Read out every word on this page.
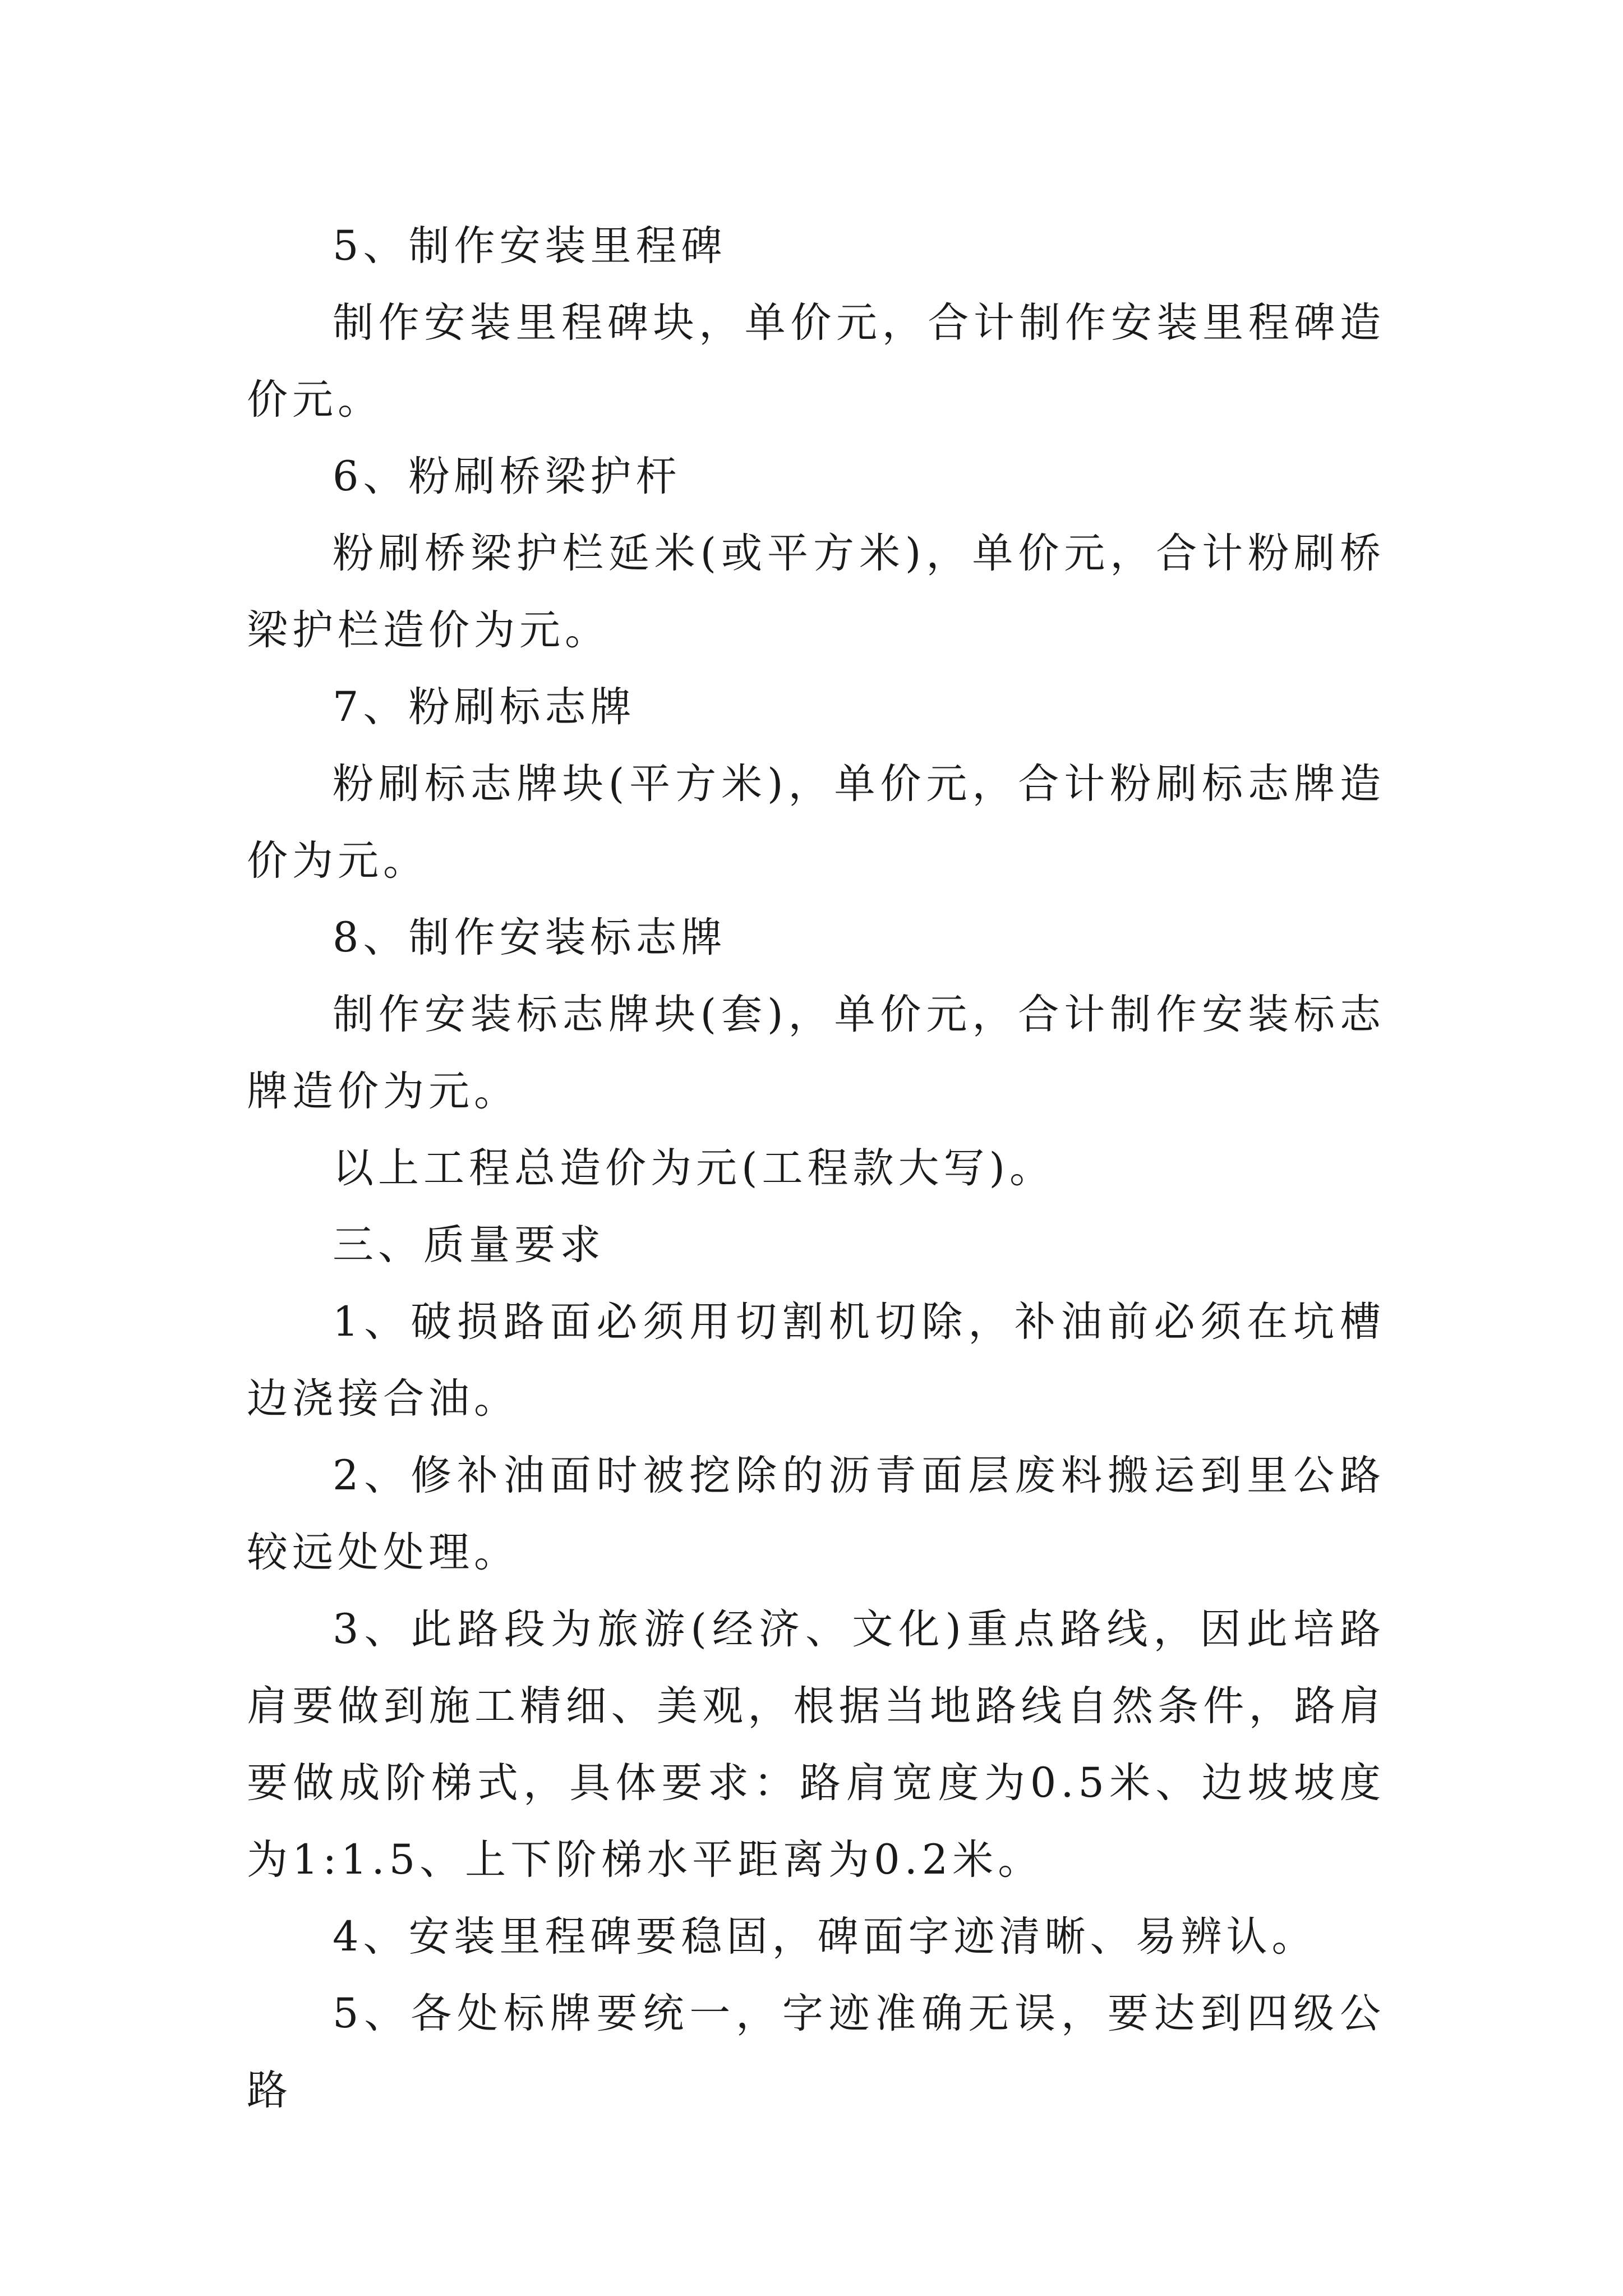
5、制作安装里程碑

制作安装里程碑块，单价元，合计制作安装里程碑造价元。

6、粉刷桥梁护杆

粉刷桥梁护栏延米(或平方米)，单价元，合计粉刷桥梁护栏造价为元。

7、粉刷标志牌

粉刷标志牌块(平方米)，单价元，合计粉刷标志牌造价为元。

8、制作安装标志牌

制作安装标志牌块(套)，单价元，合计制作安装标志牌造价为元。

以上工程总造价为元(工程款大写)。

三、质量要求

1、破损路面必须用切割机切除，补油前必须在坑槽边浇接合油。

2、修补油面时被挖除的沥青面层废料搬运到里公路较远处处理。

3、此路段为旅游(经济、文化)重点路线，因此培路肩要做到施工精细、美观，根据当地路线自然条件，路肩要做成阶梯式，具体要求：路肩宽度为0.5米、边坡坡度为1:1.5、上下阶梯水平距离为0.2米。

4、安装里程碑要稳固，碑面字迹清晰、易辨认。

5、各处标牌要统一，字迹准确无误，要达到四级公路
